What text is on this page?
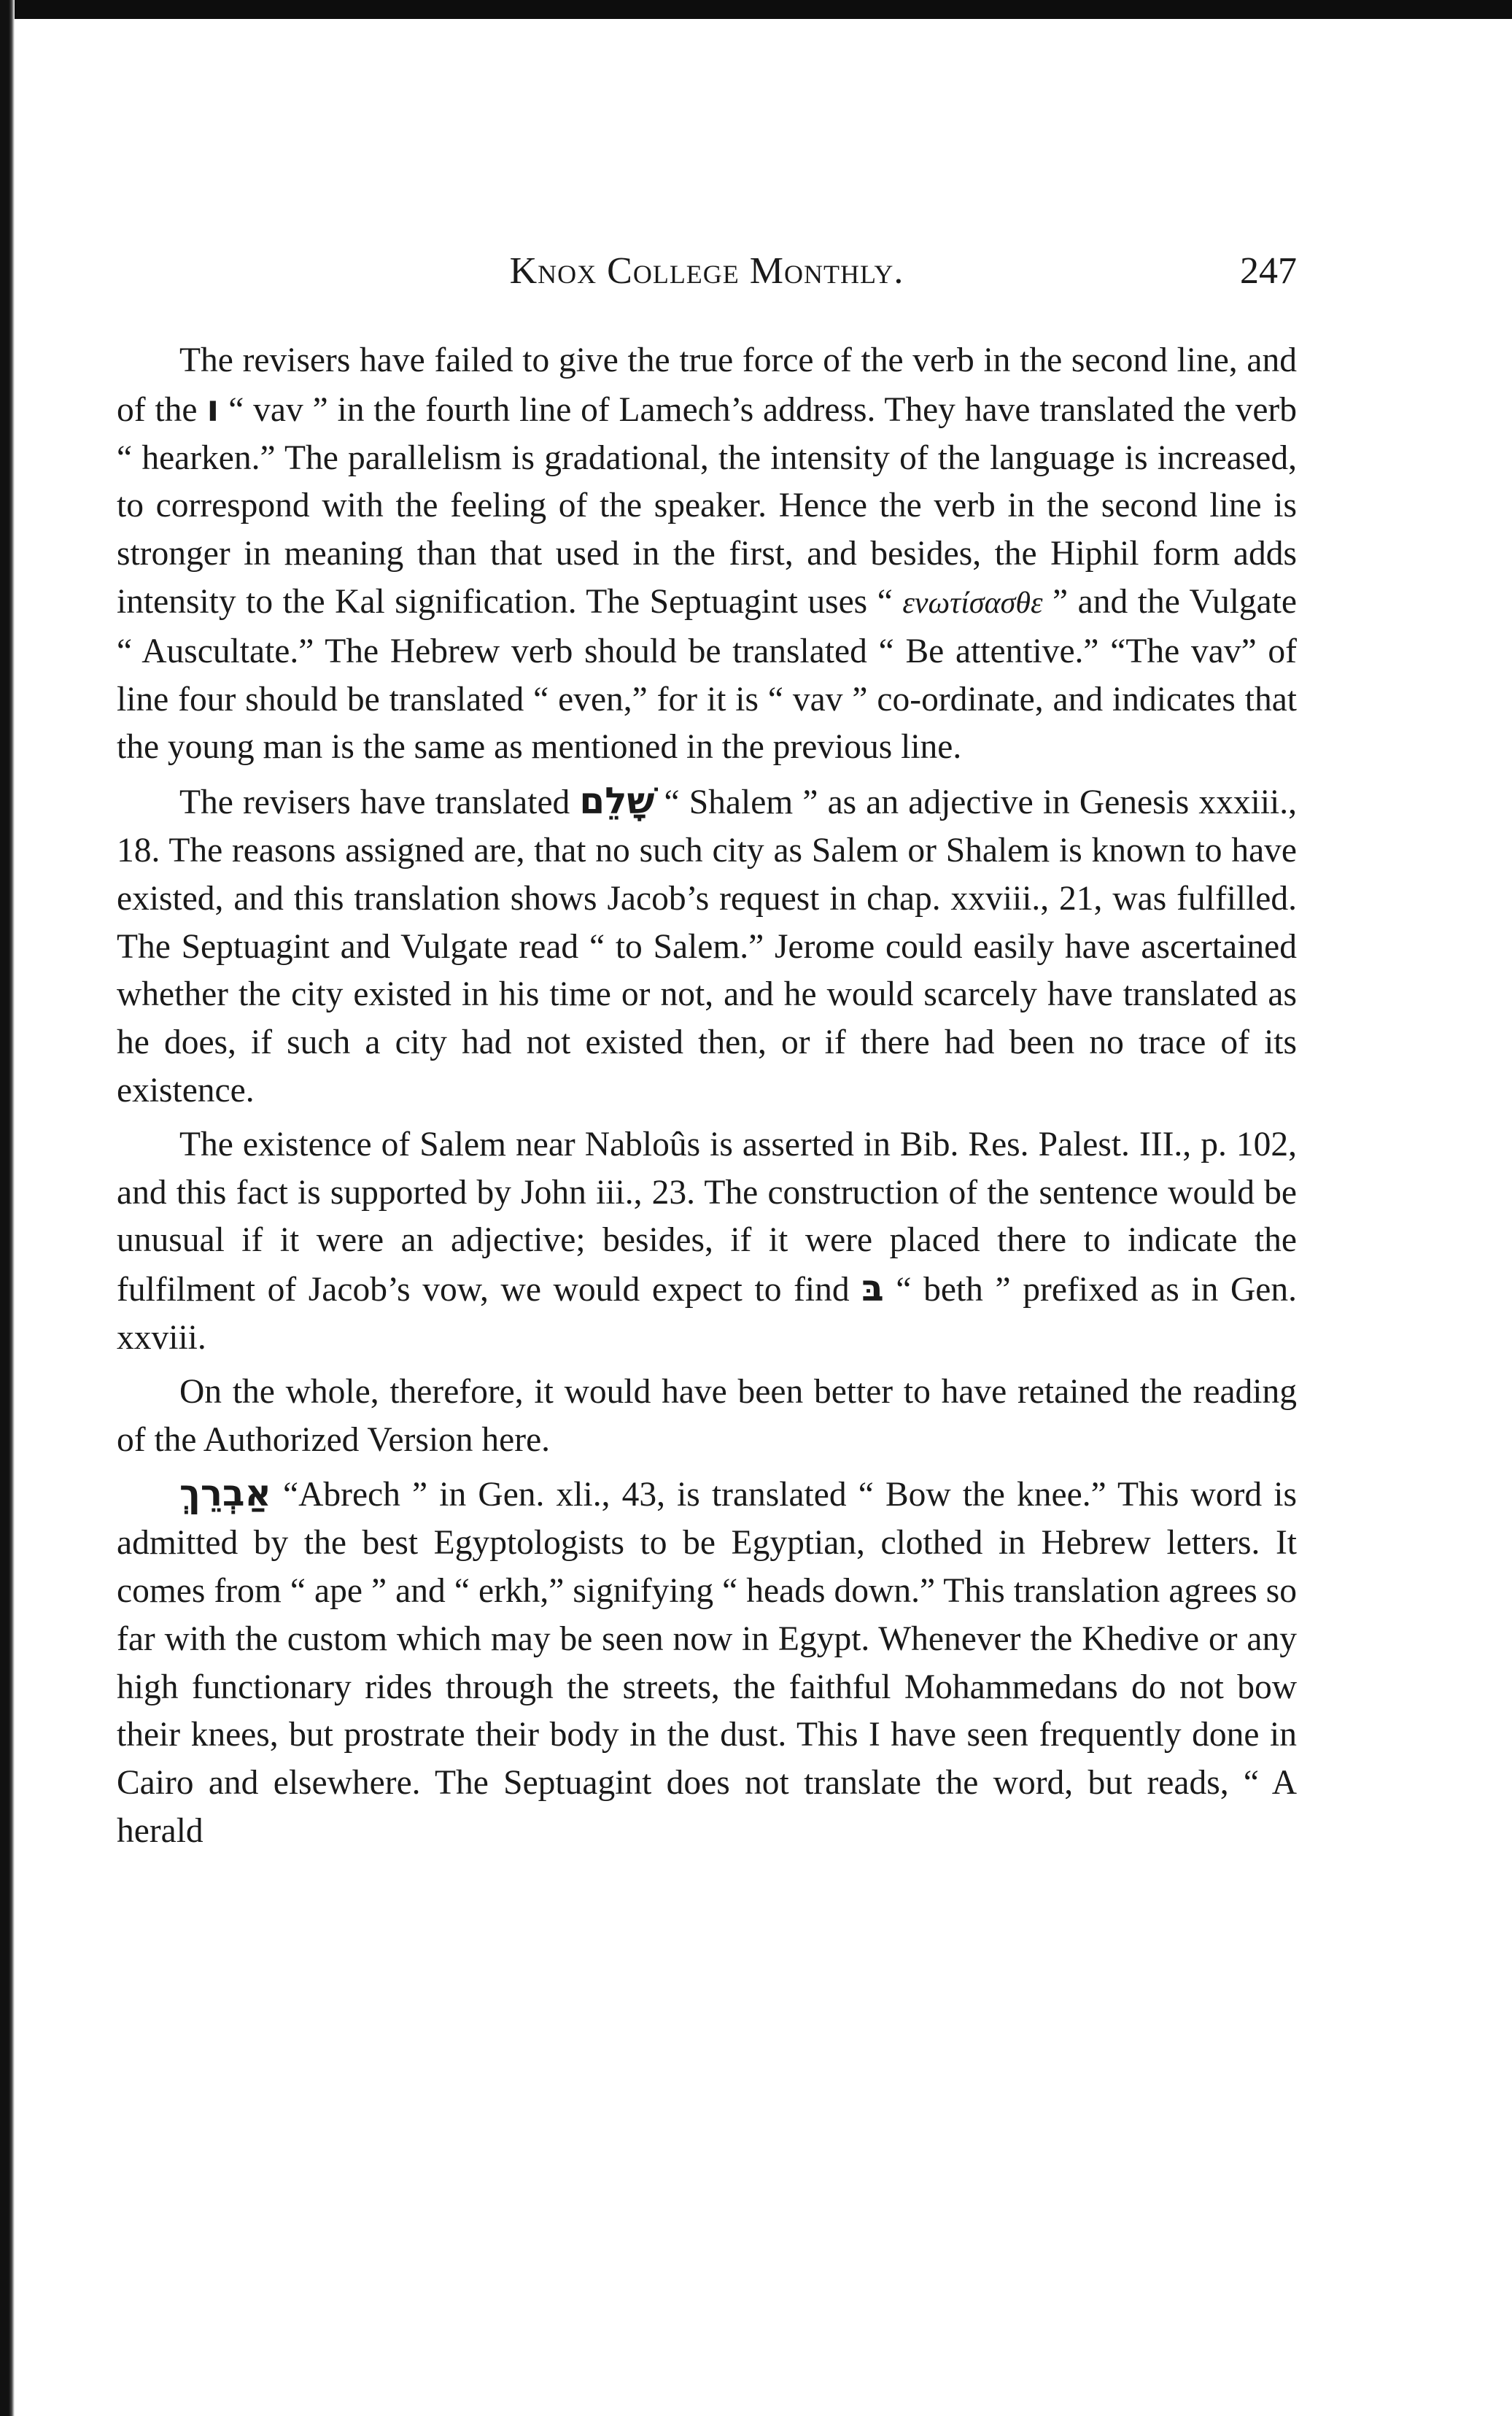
Knox College Monthly.	247

The revisers have failed to give the true force of the verb in the second line, and of the ו “ vav ” in the fourth line of Lamech’s address. They have translated the verb “ hearken.” The parallelism is gradational, the intensity of the language is increased, to correspond with the feeling of the speaker. Hence the verb in the second line is stronger in meaning than that used in the first, and besides, the Hiphil form adds intensity to the Kal signification. The Septuagint uses “ ενωτίσασθε ” and the Vulgate “ Auscultate.” The Hebrew verb should be translated “ Be attentive.” “The vav” of line four should be translated “ even,” for it is “ vav ” co-ordinate, and indicates that the young man is the same as mentioned in the previous line.

The revisers have translated שָׁלֵם “ Shalem ” as an adjective in Genesis xxxiii., 18. The reasons assigned are, that no such city as Salem or Shalem is known to have existed, and this translation shows Jacob’s request in chap. xxviii., 21, was fulfilled. The Septuagint and Vulgate read “ to Salem.” Jerome could easily have ascertained whether the city existed in his time or not, and he would scarcely have translated as he does, if such a city had not existed then, or if there had been no trace of its existence.

The existence of Salem near Nabloûs is asserted in Bib. Res. Palest. III., p. 102, and this fact is supported by John iii., 23. The construction of the sentence would be unusual if it were an adjective; besides, if it were placed there to indicate the fulfilment of Jacob’s vow, we would expect to find בּ “ beth ” prefixed as in Gen. xxviii.

On the whole, therefore, it would have been better to have retained the reading of the Authorized Version here.

אַבְרֵךְ “Abrech ” in Gen. xli., 43, is translated “ Bow the knee.” This word is admitted by the best Egyptologists to be Egyptian, clothed in Hebrew letters. It comes from “ ape ” and “ erkh,” signifying “ heads down.” This translation agrees so far with the custom which may be seen now in Egypt. Whenever the Khedive or any high functionary rides through the streets, the faithful Mohammedans do not bow their knees, but prostrate their body in the dust. This I have seen frequently done in Cairo and elsewhere. The Septuagint does not translate the word, but reads, “ A herald
